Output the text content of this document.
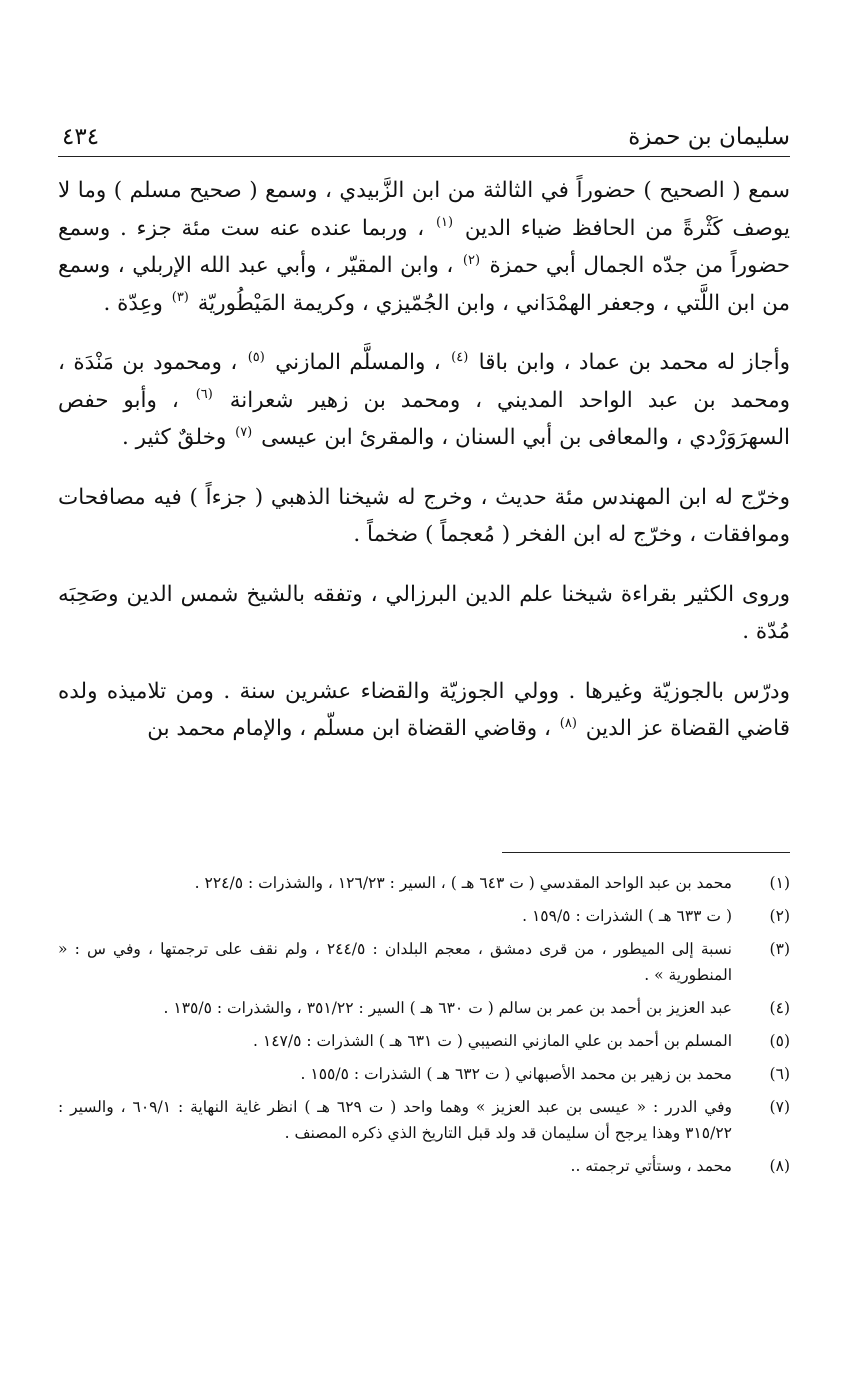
سليمان بن حمزة
٤٣٤

سمع ( الصحيح ) حضوراً في الثالثة من ابن الزَّبيدي ، وسمع ( صحيح مسلم ) وما لا يوصف كَثْرةً من الحافظ ضياء الدين $^{(١)}$ ، وربما عنده عنه ست مئة جزء . وسمع حضوراً من جدّه الجمال أبي حمزة $^{(٢)}$ ، وابن المقيّر ، وأبي عبد الله الإربلي ، وسمع من ابن اللَّتي ، وجعفر الهمْدَاني ، وابن الجُمّيزي ، وكريمة المَيْطُوريّة $^{(٣)}$ وعِدّة .

وأجاز له محمد بن عماد ، وابن باقا $^{(٤)}$ ، والمسلَّم المازني $^{(٥)}$ ، ومحمود بن مَنْدَة ، ومحمد بن عبد الواحد المديني ، ومحمد بن زهير شعرانة $^{(٦)}$ ، وأبو حفص السهرَوَرْدي ، والمعافى بن أبي السنان ، والمقرئ ابن عيسى $^{(٧)}$ وخلقٌ كثير .

وخرّج له ابن المهندس مئة حديث ، وخرج له شيخنا الذهبي ( جزءاً ) فيه مصافحات وموافقات ، وخرّج له ابن الفخر ( مُعجماً ) ضخماً .

وروى الكثير بقراءة شيخنا علم الدين البرزالي ، وتفقه بالشيخ شمس الدين وصَحِبَه مُدّة .

ودرّس بالجوزيّة وغيرها . وولي الجوزيّة والقضاء عشرين سنة . ومن تلاميذه ولده قاضي القضاة عز الدين $^{(٨)}$ ، وقاضي القضاة ابن مسلّم ، والإمام محمد بن

(١)
محمد بن عبد الواحد المقدسي ( ت ٦٤٣ هـ ) ، السير : ١٢٦/٢٣ ، والشذرات : ٢٢٤/٥ .
(٢)
( ت ٦٣٣ هـ ) الشذرات : ١٥٩/٥ .
(٣)
نسبة إلى الميطور ، من قرى دمشق ، معجم البلدان : ٢٤٤/٥ ، ولم نقف على ترجمتها ، وفي س : « المنطورية » .
(٤)
عبد العزيز بن أحمد بن عمر بن سالم ( ت ٦٣٠ هـ ) السير : ٣٥١/٢٢ ، والشذرات : ١٣٥/٥ .
(٥)
المسلم بن أحمد بن علي المازني النصيبي ( ت ٦٣١ هـ ) الشذرات : ١٤٧/٥ .
(٦)
محمد بن زهير بن محمد الأصبهاني ( ت ٦٣٢ هـ ) الشذرات : ١٥٥/٥ .
(٧)
وفي الدرر : « عيسى بن عبد العزيز » وهما واحد ( ت ٦٢٩ هـ ) انظر غاية النهاية : ٦٠٩/١ ، والسير : ٣١٥/٢٢ وهذا يرجح أن سليمان قد ولد قبل التاريخ الذي ذكره المصنف .
(٨)
محمد ، وستأتي ترجمته ..
